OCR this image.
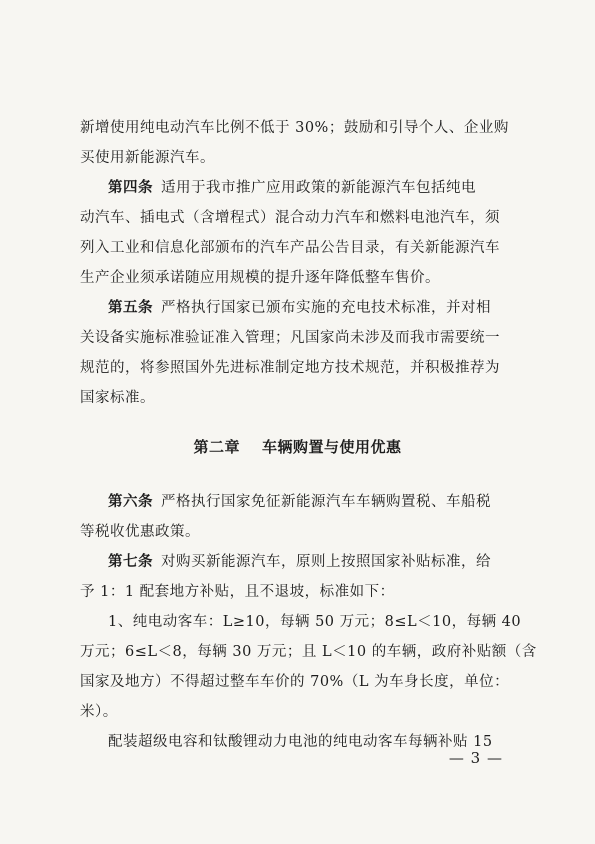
新增使用纯电动汽车比例不低于 30%；鼓励和引导个人、企业购
买使用新能源汽车。
第四条 适用于我市推广应用政策的新能源汽车包括纯电
动汽车、插电式（含增程式）混合动力汽车和燃料电池汽车，须
列入工业和信息化部颁布的汽车产品公告目录，有关新能源汽车
生产企业须承诺随应用规模的提升逐年降低整车售价。
第五条 严格执行国家已颁布实施的充电技术标准，并对相
关设备实施标准验证准入管理；凡国家尚未涉及而我市需要统一
规范的，将参照国外先进标准制定地方技术规范，并积极推荐为
国家标准。
第二章 车辆购置与使用优惠
第六条 严格执行国家免征新能源汽车车辆购置税、车船税
等税收优惠政策。
第七条 对购买新能源汽车，原则上按照国家补贴标准，给
予 1：1 配套地方补贴，且不退坡，标准如下：
1、纯电动客车：L≥10，每辆 50 万元；8≤L＜10，每辆 40
万元；6≤L＜8，每辆 30 万元；且 L＜10 的车辆，政府补贴额（含
国家及地方）不得超过整车车价的 70%（L 为车身长度，单位：
米）。
配装超级电容和钛酸锂动力电池的纯电动客车每辆补贴 15
— 3 —
